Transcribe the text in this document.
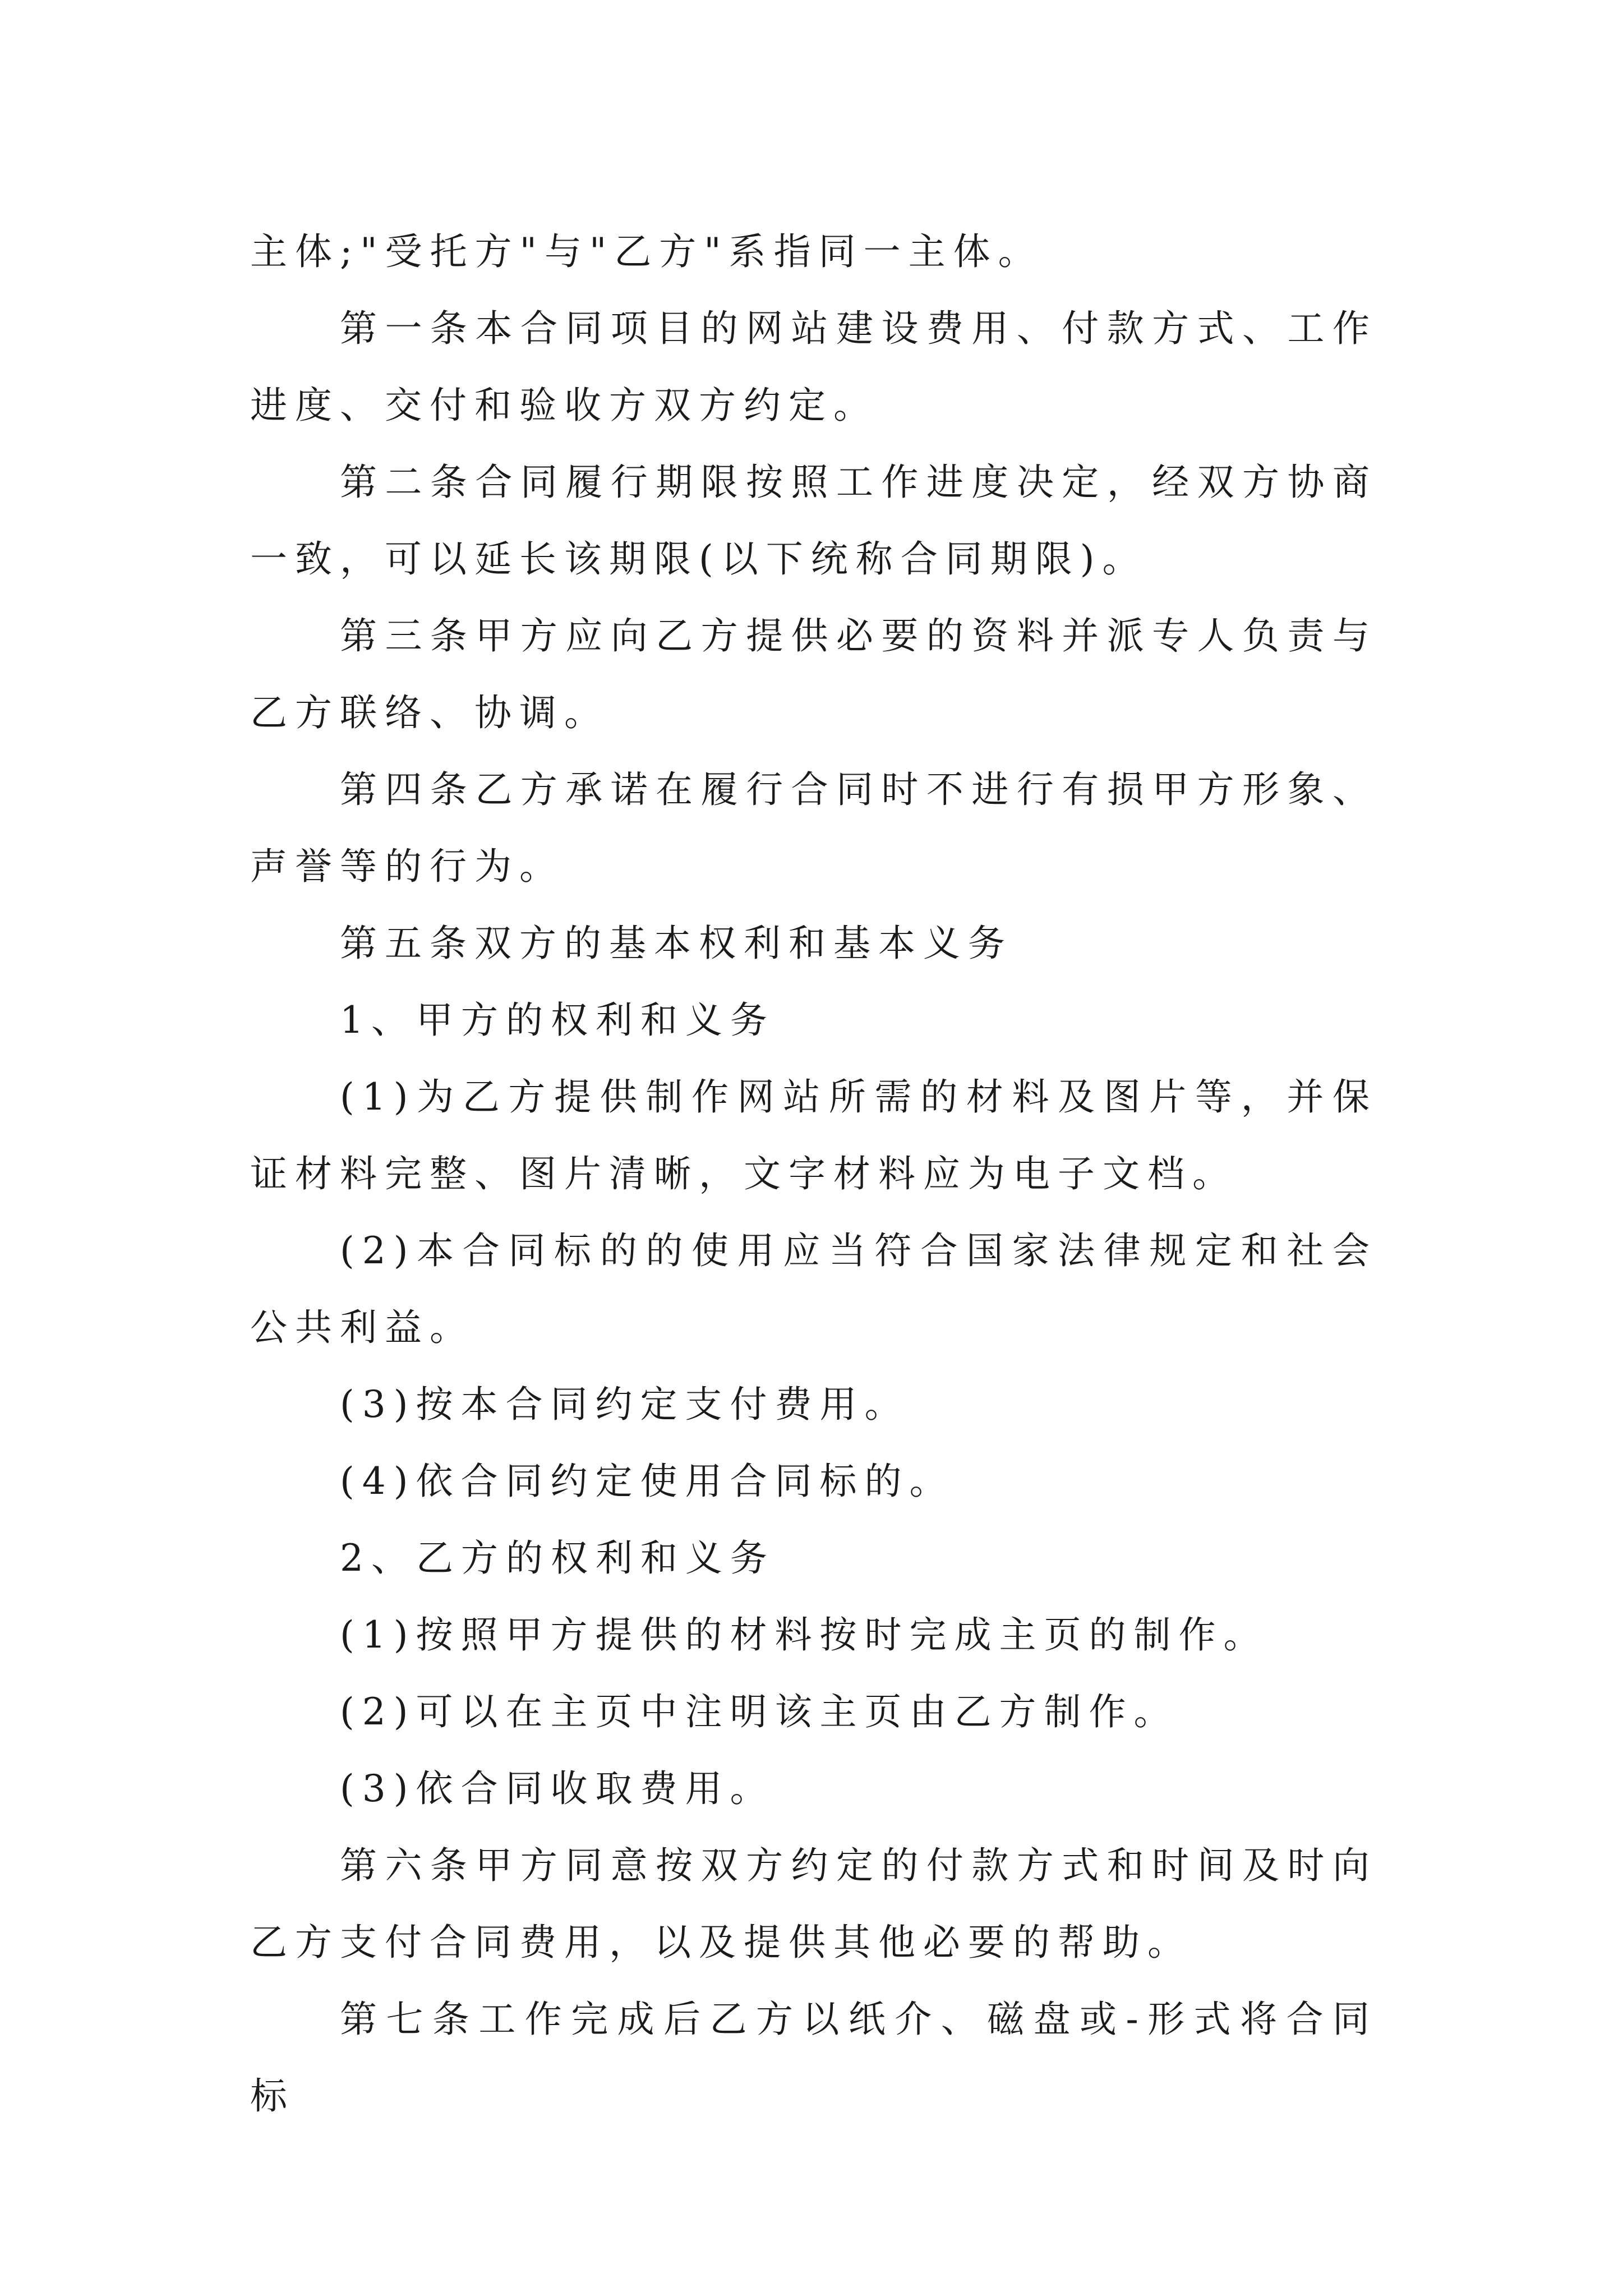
主体;"受托方"与"乙方"系指同一主体。

第一条本合同项目的网站建设费用、付款方式、工作进度、交付和验收方双方约定。

第二条合同履行期限按照工作进度决定，经双方协商一致，可以延长该期限(以下统称合同期限)。

第三条甲方应向乙方提供必要的资料并派专人负责与乙方联络、协调。

第四条乙方承诺在履行合同时不进行有损甲方形象、声誉等的行为。

第五条双方的基本权利和基本义务

1、甲方的权利和义务

(1)为乙方提供制作网站所需的材料及图片等，并保证材料完整、图片清晰，文字材料应为电子文档。

(2)本合同标的的使用应当符合国家法律规定和社会公共利益。

(3)按本合同约定支付费用。

(4)依合同约定使用合同标的。

2、乙方的权利和义务

(1)按照甲方提供的材料按时完成主页的制作。

(2)可以在主页中注明该主页由乙方制作。

(3)依合同收取费用。

第六条甲方同意按双方约定的付款方式和时间及时向乙方支付合同费用，以及提供其他必要的帮助。

第七条工作完成后乙方以纸介、磁盘或-形式将合同标
